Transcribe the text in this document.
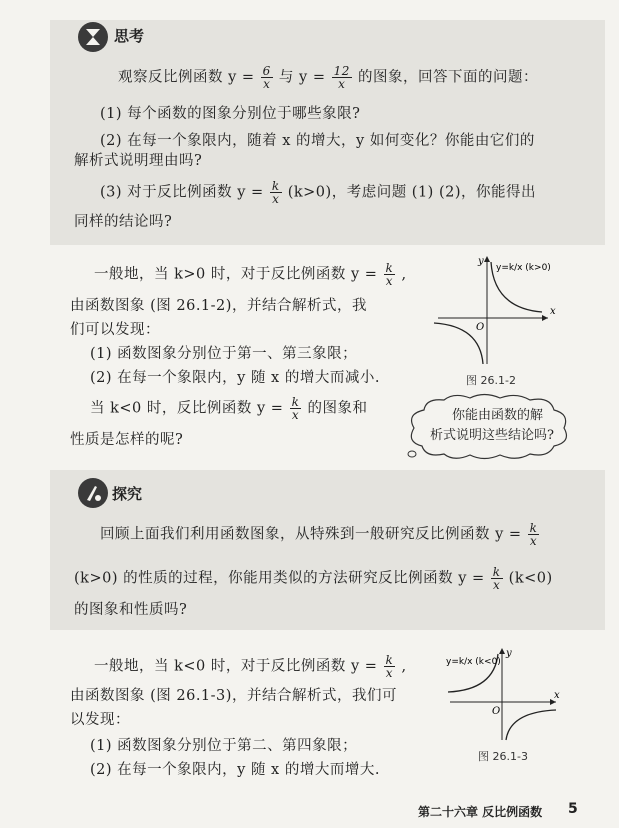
思考
观察反比例函数 $y = \frac{6}{x}$ 与 $y = \frac{12}{x}$ 的图象，回答下面的问题：
(1) 每个函数的图象分别位于哪些象限?
(2) 在每一个象限内，随着 x 的增大，y 如何变化？你能由它们的
解析式说明理由吗?
(3) 对于反比例函数 $y = \frac{k}{x} (k>0)$，考虑问题 (1) (2)，你能得出
同样的结论吗?
一般地，当 k>0 时，对于反比例函数 $y = \frac{k}{x}$ ,
由函数图象 (图 26.1-2)，并结合解析式，我
们可以发现：
(1) 函数图象分别位于第一、第三象限；
(2) 在每一个象限内，y 随 x 的增大而减小.
当 k<0 时，反比例函数 $y = \frac{k}{x}$ 的图象和
性质是怎样的呢?
y
x
O
y=k/x (k>0)
图 26.1-2
你能由函数的解
析式说明这些结论吗?
探究
回顾上面我们利用函数图象，从特殊到一般研究反比例函数 $y = \frac{k}{x}$
(k>0) 的性质的过程，你能用类似的方法研究反比例函数 $y = \frac{k}{x} (k<0)$
的图象和性质吗?
一般地，当 k<0 时，对于反比例函数 $y = \frac{k}{x}$ ,
由函数图象 (图 26.1-3)，并结合解析式，我们可
以发现：
(1) 函数图象分别位于第二、第四象限；
(2) 在每一个象限内，y 随 x 的增大而增大.
y
x
O
y=k/x (k<0)
图 26.1-3
第二十六章 反比例函数 5
